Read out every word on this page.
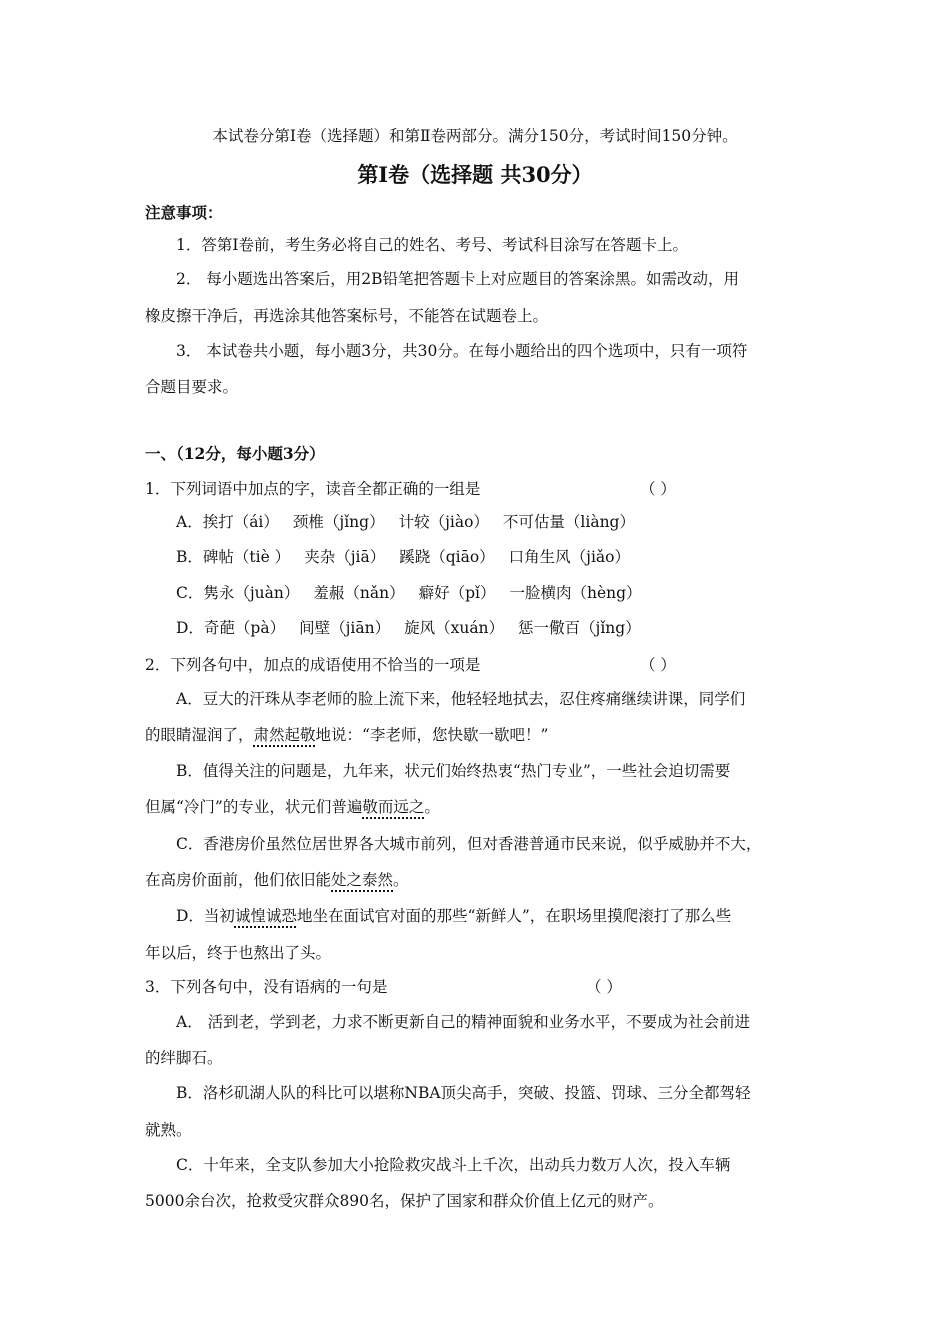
本试卷分第Ⅰ卷（选择题）和第Ⅱ卷两部分。满分150分，考试时间150分钟。
第Ⅰ卷（选择题 共30分）
注意事项：
1．答第Ⅰ卷前，考生务必将自己的姓名、考号、考试科目涂写在答题卡上。
2． 每小题选出答案后，用2B铅笔把答题卡上对应题目的答案涂黑。如需改动，用
橡皮擦干净后，再选涂其他答案标号，不能答在试题卷上。
3． 本试卷共小题，每小题3分，共30分。在每小题给出的四个选项中，只有一项符
合题目要求。
一、（12分，每小题3分）
1．下列词语中加点的字，读音全都正确的一组是	（ ）
A．挨打（ái） 颈椎（jǐng） 计较（jiào） 不可估量（liàng）
B．碑帖（tiè ） 夹杂（jiā） 蹊跷（qiāo） 口角生风（jiǎo）
C．隽永（juàn） 羞赧（nǎn） 癖好（pǐ） 一脸横肉（hèng）
D．奇葩（pà） 间壁（jiān） 旋风（xuán） 惩一儆百（jǐng）
2．下列各句中，加点的成语使用不恰当的一项是	（ ）
A．豆大的汗珠从李老师的脸上流下来，他轻轻地拭去，忍住疼痛继续讲课，同学们
的眼睛湿润了，肃然起敬地说：“李老师，您快歇一歇吧！”
B．值得关注的问题是，九年来，状元们始终热衷“热门专业”，一些社会迫切需要
但属“冷门”的专业，状元们普遍敬而远之。
C．香港房价虽然位居世界各大城市前列，但对香港普通市民来说，似乎威胁并不大，
在高房价面前，他们依旧能处之泰然。
D．当初诚惶诚恐地坐在面试官对面的那些“新鲜人”，在职场里摸爬滚打了那么些
年以后，终于也熬出了头。
3．下列各句中，没有语病的一句是	（ ）
A． 活到老，学到老，力求不断更新自己的精神面貌和业务水平，不要成为社会前进
的绊脚石。
B．洛杉矶湖人队的科比可以堪称NBA顶尖高手，突破、投篮、罚球、三分全都驾轻
就熟。
C．十年来，全支队参加大小抢险救灾战斗上千次，出动兵力数万人次，投入车辆
5000余台次，抢救受灾群众890名，保护了国家和群众价值上亿元的财产。
